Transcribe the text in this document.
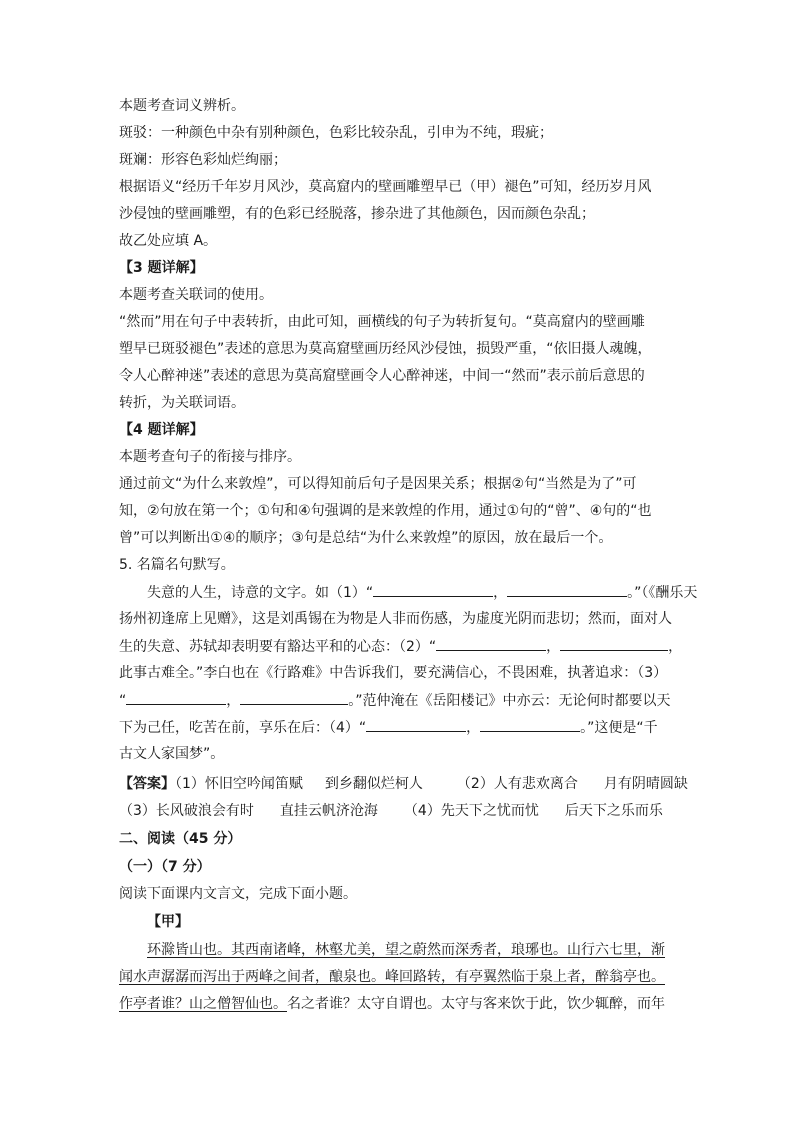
本题考查词义辨析。
斑驳：一种颜色中杂有别种颜色，色彩比较杂乱，引申为不纯，瑕疵；
斑斓：形容色彩灿烂绚丽；
根据语义“经历千年岁月风沙，莫高窟内的壁画雕塑早已（甲）褪色”可知，经历岁月风
沙侵蚀的壁画雕塑，有的色彩已经脱落，掺杂进了其他颜色，因而颜色杂乱；
故乙处应填 A。
【3 题详解】
本题考查关联词的使用。
“然而”用在句子中表转折，由此可知，画横线的句子为转折复句。“莫高窟内的壁画雕
塑早已斑驳褪色”表述的意思为莫高窟壁画历经风沙侵蚀，损毁严重，“依旧摄人魂魄，
令人心醉神迷”表述的意思为莫高窟壁画令人心醉神迷，中间一“然而”表示前后意思的
转折，为关联词语。
【4 题详解】
本题考查句子的衔接与排序。
通过前文“为什么来敦煌”，可以得知前后句子是因果关系；根据②句“当然是为了”可
知，②句放在第一个；①句和④句强调的是来敦煌的作用，通过①句的“曾”、④句的“也
曾”可以判断出①④的顺序；③句是总结“为什么来敦煌”的原因，放在最后一个。
5. 名篇名句默写。
失意的人生，诗意的文字。如（1）“	，	。”（《酬乐天
扬州初逢席上见赠》，这是刘禹锡在为物是人非而伤感，为虚度光阴而悲切；然而，面对人
生的失意、苏轼却表明要有豁达平和的心态：（2）“	，	，
此事古难全。”李白也在《行路难》中告诉我们，要充满信心，不畏困难，执著追求：（3）
“	，	。”范仲淹在《岳阳楼记》中亦云：无论何时都要以天
下为己任，吃苦在前，享乐在后：（4）“	，	。”这便是“千
古文人家国梦”。
【答案】（1）怀旧空吟闻笛赋 到乡翻似烂柯人 （2）人有悲欢离合 月有阴晴圆缺
（3）长风破浪会有时 直挂云帆济沧海 （4）先天下之忧而忧 后天下之乐而乐
二、阅读（45 分）
（一）（7 分）
阅读下面课内文言文，完成下面小题。
【甲】
环滁皆山也。其西南诸峰，林壑尤美，望之蔚然而深秀者，琅琊也。山行六七里，渐
闻水声潺潺而泻出于两峰之间者，酿泉也。峰回路转，有亭翼然临于泉上者，醉翁亭也。
作亭者谁？山之僧智仙也。名之者谁？太守自谓也。太守与客来饮于此，饮少辄醉，而年
